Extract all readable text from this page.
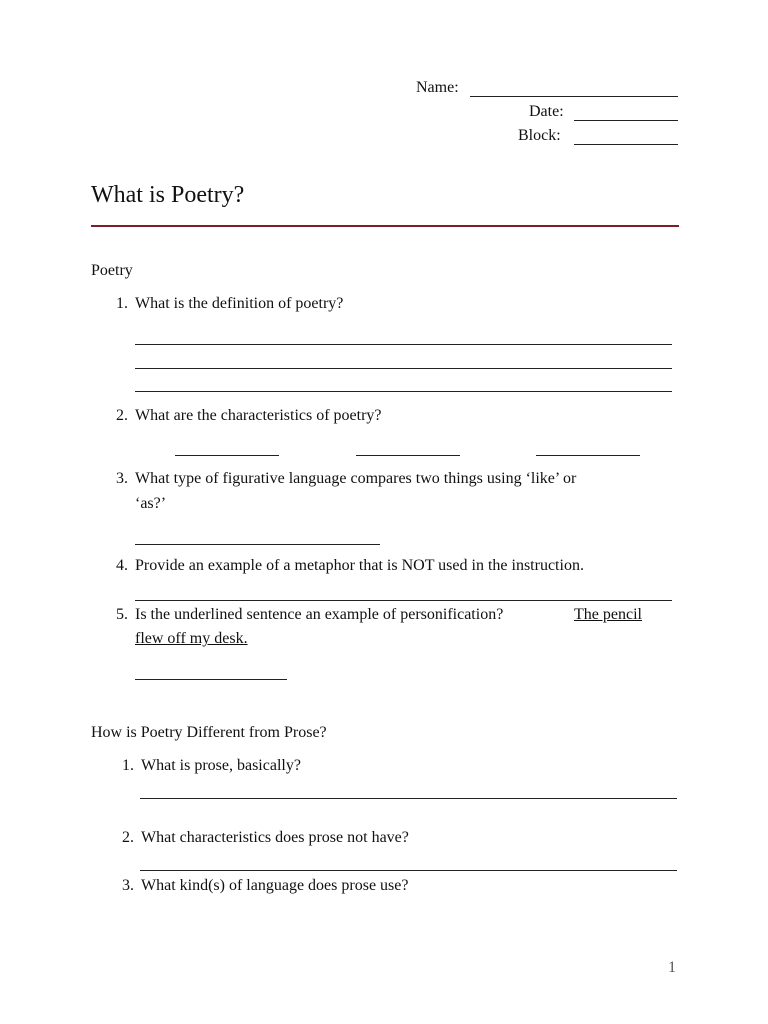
Name:
Date:
Block:
What is Poetry?
Poetry
1. What is the definition of poetry?
2. What are the characteristics of poetry?
3. What type of figurative language compares two things using ‘like’ or
‘as?’
4. Provide an example of a metaphor that is NOT used in the instruction.
5. Is the underlined sentence an example of personification?	The pencil
flew off my desk.
How is Poetry Different from Prose?
1. What is prose, basically?
2. What characteristics does prose not have?
3. What kind(s) of language does prose use?
1
